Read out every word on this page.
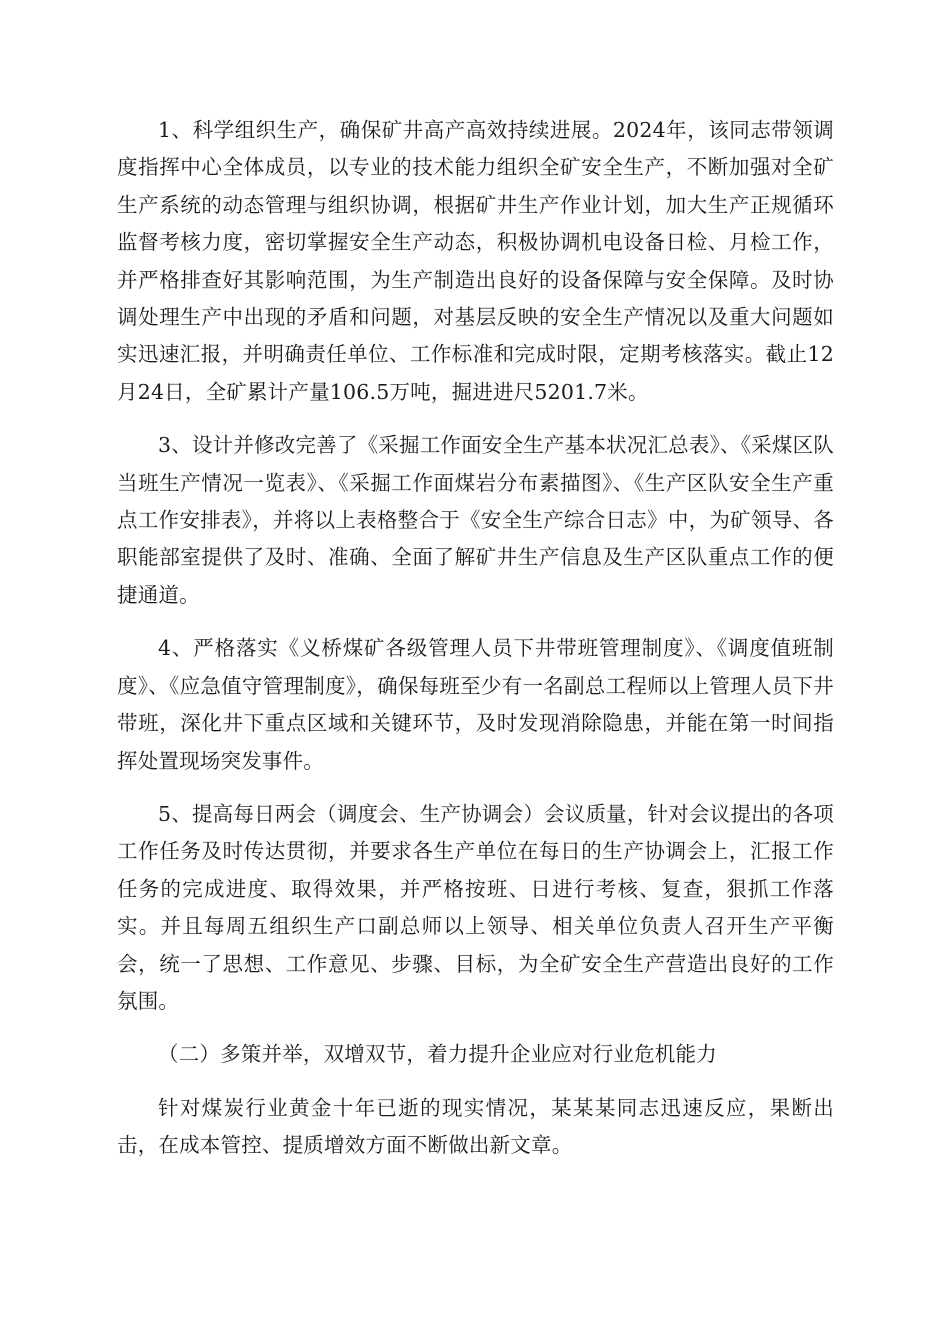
1、科学组织生产，确保矿井高产高效持续进展。2024年，该同志带领调度指挥中心全体成员，以专业的技术能力组织全矿安全生产，不断加强对全矿生产系统的动态管理与组织协调，根据矿井生产作业计划，加大生产正规循环监督考核力度，密切掌握安全生产动态，积极协调机电设备日检、月检工作，并严格排查好其影响范围，为生产制造出良好的设备保障与安全保障。及时协调处理生产中出现的矛盾和问题，对基层反映的安全生产情况以及重大问题如实迅速汇报，并明确责任单位、工作标准和完成时限，定期考核落实。截止12月24日，全矿累计产量106.5万吨，掘进进尺5201.7米。

3、设计并修改完善了《采掘工作面安全生产基本状况汇总表》、《采煤区队当班生产情况一览表》、《采掘工作面煤岩分布素描图》、《生产区队安全生产重点工作安排表》，并将以上表格整合于《安全生产综合日志》中，为矿领导、各职能部室提供了及时、准确、全面了解矿井生产信息及生产区队重点工作的便捷通道。

4、严格落实《义桥煤矿各级管理人员下井带班管理制度》、《调度值班制度》、《应急值守管理制度》，确保每班至少有一名副总工程师以上管理人员下井带班，深化井下重点区域和关键环节，及时发现消除隐患，并能在第一时间指挥处置现场突发事件。

5、提高每日两会（调度会、生产协调会）会议质量，针对会议提出的各项工作任务及时传达贯彻，并要求各生产单位在每日的生产协调会上，汇报工作任务的完成进度、取得效果，并严格按班、日进行考核、复查，狠抓工作落实。并且每周五组织生产口副总师以上领导、相关单位负责人召开生产平衡会，统一了思想、工作意见、步骤、目标，为全矿安全生产营造出良好的工作氛围。

（二）多策并举，双增双节，着力提升企业应对行业危机能力

针对煤炭行业黄金十年已逝的现实情况，某某某同志迅速反应，果断出击，在成本管控、提质增效方面不断做出新文章。
